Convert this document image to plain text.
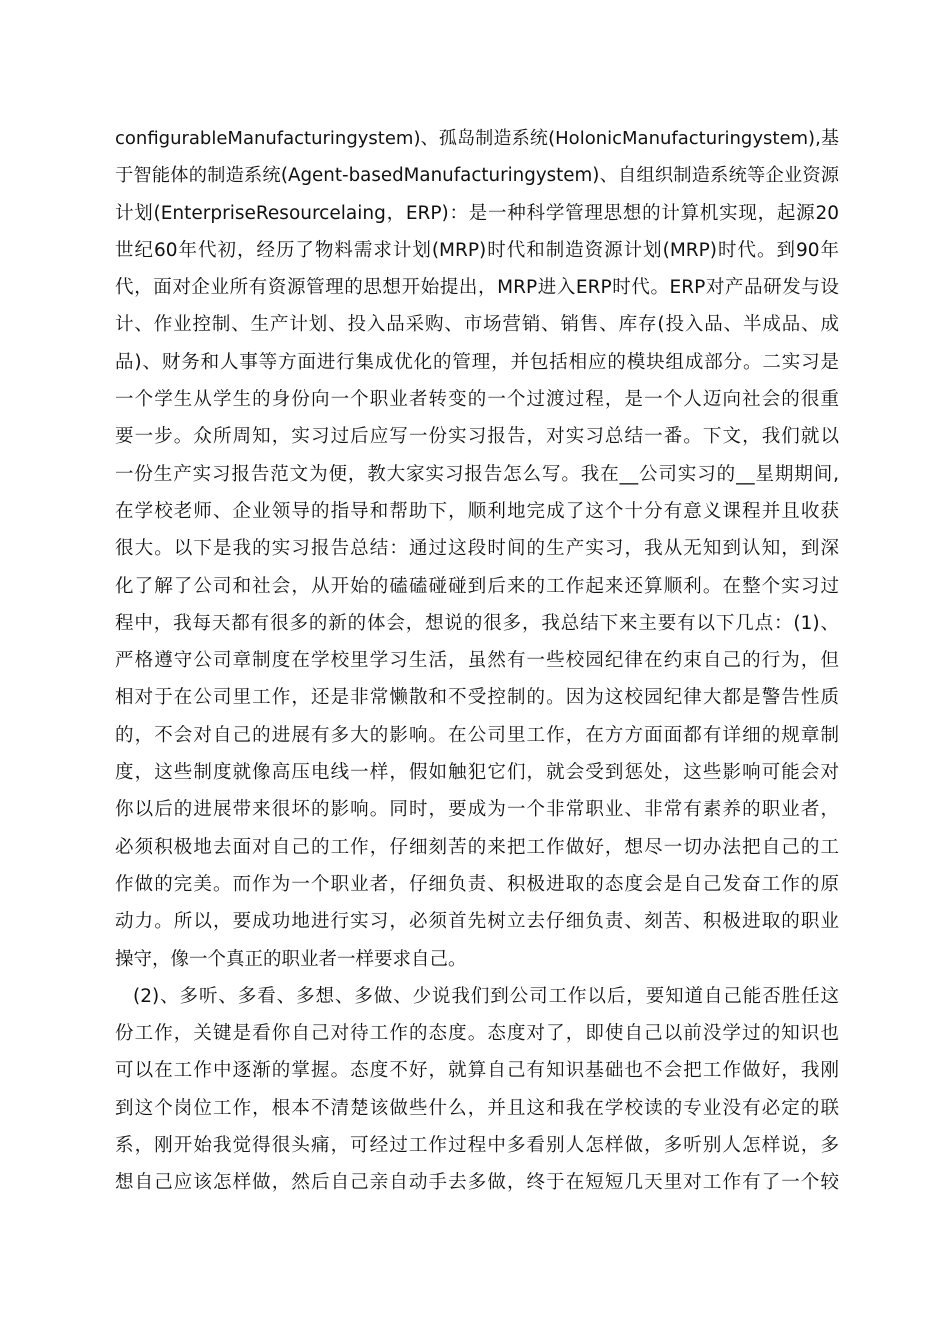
configurableManufacturingystem)、孤岛制造系统(HolonicManufacturingystem),基
于智能体的制造系统(Agent-basedManufacturingystem)、自组织制造系统等企业资源
计划(EnterpriseResourcelaing，ERP)：是一种科学管理思想的计算机实现，起源20
世纪60年代初，经历了物料需求计划(MRP)时代和制造资源计划(MRP)时代。到90年
代，面对企业所有资源管理的思想开始提出，MRP进入ERP时代。ERP对产品研发与设
计、作业控制、生产计划、投入品采购、市场营销、销售、库存(投入品、半成品、成
品)、财务和人事等方面进行集成优化的管理，并包括相应的模块组成部分。二实习是
一个学生从学生的身份向一个职业者转变的一个过渡过程，是一个人迈向社会的很重
要一步。众所周知，实习过后应写一份实习报告，对实习总结一番。下文，我们就以
一份生产实习报告范文为便，教大家实习报告怎么写。我在__公司实习的__星期期间,
在学校老师、企业领导的指导和帮助下，顺利地完成了这个十分有意义课程并且收获
很大。以下是我的实习报告总结：通过这段时间的生产实习，我从无知到认知，到深
化了解了公司和社会，从开始的磕磕碰碰到后来的工作起来还算顺利。在整个实习过
程中，我每天都有很多的新的体会，想说的很多，我总结下来主要有以下几点：(1)、
严格遵守公司章制度在学校里学习生活，虽然有一些校园纪律在约束自己的行为，但
相对于在公司里工作，还是非常懒散和不受控制的。因为这校园纪律大都是警告性质
的，不会对自己的进展有多大的影响。在公司里工作，在方方面面都有详细的规章制
度，这些制度就像高压电线一样，假如触犯它们，就会受到惩处，这些影响可能会对
你以后的进展带来很坏的影响。同时，要成为一个非常职业、非常有素养的职业者，
必须积极地去面对自己的工作，仔细刻苦的来把工作做好，想尽一切办法把自己的工
作做的完美。而作为一个职业者，仔细负责、积极进取的态度会是自己发奋工作的原
动力。所以，要成功地进行实习，必须首先树立去仔细负责、刻苦、积极进取的职业
操守，像一个真正的职业者一样要求自己。
(2)、多听、多看、多想、多做、少说我们到公司工作以后，要知道自己能否胜任这
份工作，关键是看你自己对待工作的态度。态度对了，即使自己以前没学过的知识也
可以在工作中逐渐的掌握。态度不好，就算自己有知识基础也不会把工作做好，我刚
到这个岗位工作，根本不清楚该做些什么，并且这和我在学校读的专业没有必定的联
系，刚开始我觉得很头痛，可经过工作过程中多看别人怎样做，多听别人怎样说，多
想自己应该怎样做，然后自己亲自动手去多做，终于在短短几天里对工作有了一个较
